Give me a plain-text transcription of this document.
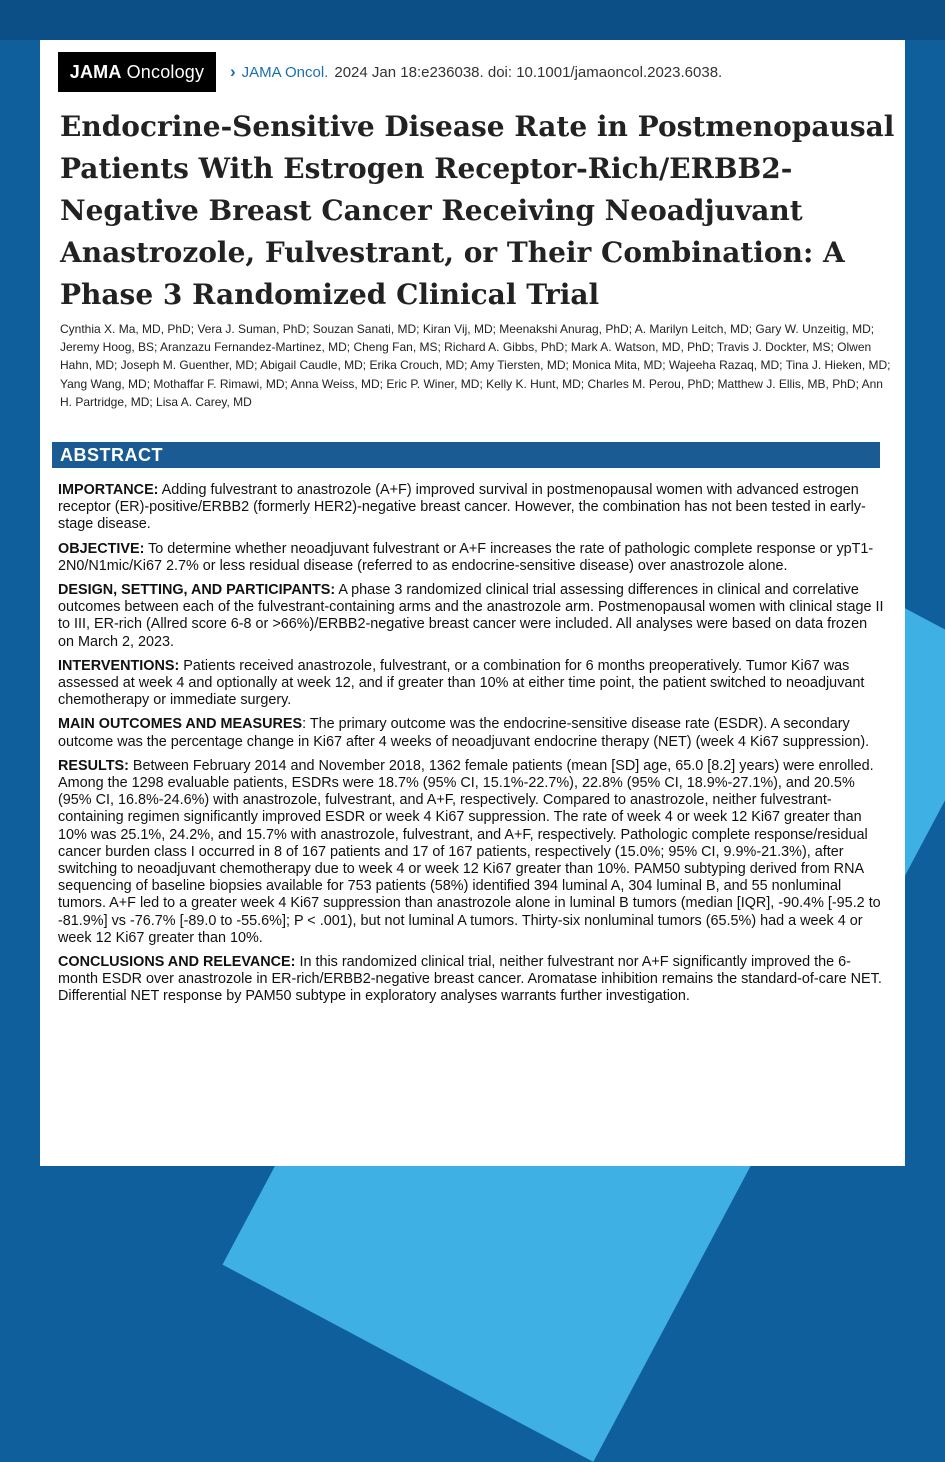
JAMA Oncology › JAMA Oncol. 2024 Jan 18:e236038. doi: 10.1001/jamaoncol.2023.6038.
Endocrine-Sensitive Disease Rate in Postmenopausal Patients With Estrogen Receptor-Rich/ERBB2-Negative Breast Cancer Receiving Neoadjuvant Anastrozole, Fulvestrant, or Their Combination: A Phase 3 Randomized Clinical Trial
Cynthia X. Ma, MD, PhD; Vera J. Suman, PhD; Souzan Sanati, MD; Kiran Vij, MD; Meenakshi Anurag, PhD; A. Marilyn Leitch, MD; Gary W. Unzeitig, MD; Jeremy Hoog, BS; Aranzazu Fernandez-Martinez, MD; Cheng Fan, MS; Richard A. Gibbs, PhD; Mark A. Watson, MD, PhD; Travis J. Dockter, MS; Olwen Hahn, MD; Joseph M. Guenther, MD; Abigail Caudle, MD; Erika Crouch, MD; Amy Tiersten, MD; Monica Mita, MD; Wajeeha Razaq, MD; Tina J. Hieken, MD; Yang Wang, MD; Mothaffar F. Rimawi, MD; Anna Weiss, MD; Eric P. Winer, MD; Kelly K. Hunt, MD; Charles M. Perou, PhD; Matthew J. Ellis, MB, PhD; Ann H. Partridge, MD; Lisa A. Carey, MD
ABSTRACT

IMPORTANCE: Adding fulvestrant to anastrozole (A+F) improved survival in postmenopausal women with advanced estrogen receptor (ER)-positive/ERBB2 (formerly HER2)-negative breast cancer. However, the combination has not been tested in early-stage disease.

OBJECTIVE: To determine whether neoadjuvant fulvestrant or A+F increases the rate of pathologic complete response or ypT1-2N0/N1mic/Ki67 2.7% or less residual disease (referred to as endocrine-sensitive disease) over anastrozole alone.

DESIGN, SETTING, AND PARTICIPANTS: A phase 3 randomized clinical trial assessing differences in clinical and correlative outcomes between each of the fulvestrant-containing arms and the anastrozole arm. Postmenopausal women with clinical stage II to III, ER-rich (Allred score 6-8 or >66%)/ERBB2-negative breast cancer were included. All analyses were based on data frozen on March 2, 2023.

INTERVENTIONS: Patients received anastrozole, fulvestrant, or a combination for 6 months preoperatively. Tumor Ki67 was assessed at week 4 and optionally at week 12, and if greater than 10% at either time point, the patient switched to neoadjuvant chemotherapy or immediate surgery.

MAIN OUTCOMES AND MEASURES: The primary outcome was the endocrine-sensitive disease rate (ESDR). A secondary outcome was the percentage change in Ki67 after 4 weeks of neoadjuvant endocrine therapy (NET) (week 4 Ki67 suppression).

RESULTS: Between February 2014 and November 2018, 1362 female patients (mean [SD] age, 65.0 [8.2] years) were enrolled. Among the 1298 evaluable patients, ESDRs were 18.7% (95% CI, 15.1%-22.7%), 22.8% (95% CI, 18.9%-27.1%), and 20.5% (95% CI, 16.8%-24.6%) with anastrozole, fulvestrant, and A+F, respectively. Compared to anastrozole, neither fulvestrant-containing regimen significantly improved ESDR or week 4 Ki67 suppression. The rate of week 4 or week 12 Ki67 greater than 10% was 25.1%, 24.2%, and 15.7% with anastrozole, fulvestrant, and A+F, respectively. Pathologic complete response/residual cancer burden class I occurred in 8 of 167 patients and 17 of 167 patients, respectively (15.0%; 95% CI, 9.9%-21.3%), after switching to neoadjuvant chemotherapy due to week 4 or week 12 Ki67 greater than 10%. PAM50 subtyping derived from RNA sequencing of baseline biopsies available for 753 patients (58%) identified 394 luminal A, 304 luminal B, and 55 nonluminal tumors. A+F led to a greater week 4 Ki67 suppression than anastrozole alone in luminal B tumors (median [IQR], -90.4% [-95.2 to -81.9%] vs -76.7% [-89.0 to -55.6%]; P < .001), but not luminal A tumors. Thirty-six nonluminal tumors (65.5%) had a week 4 or week 12 Ki67 greater than 10%.

CONCLUSIONS AND RELEVANCE: In this randomized clinical trial, neither fulvestrant nor A+F significantly improved the 6-month ESDR over anastrozole in ER-rich/ERBB2-negative breast cancer. Aromatase inhibition remains the standard-of-care NET. Differential NET response by PAM50 subtype in exploratory analyses warrants further investigation.
